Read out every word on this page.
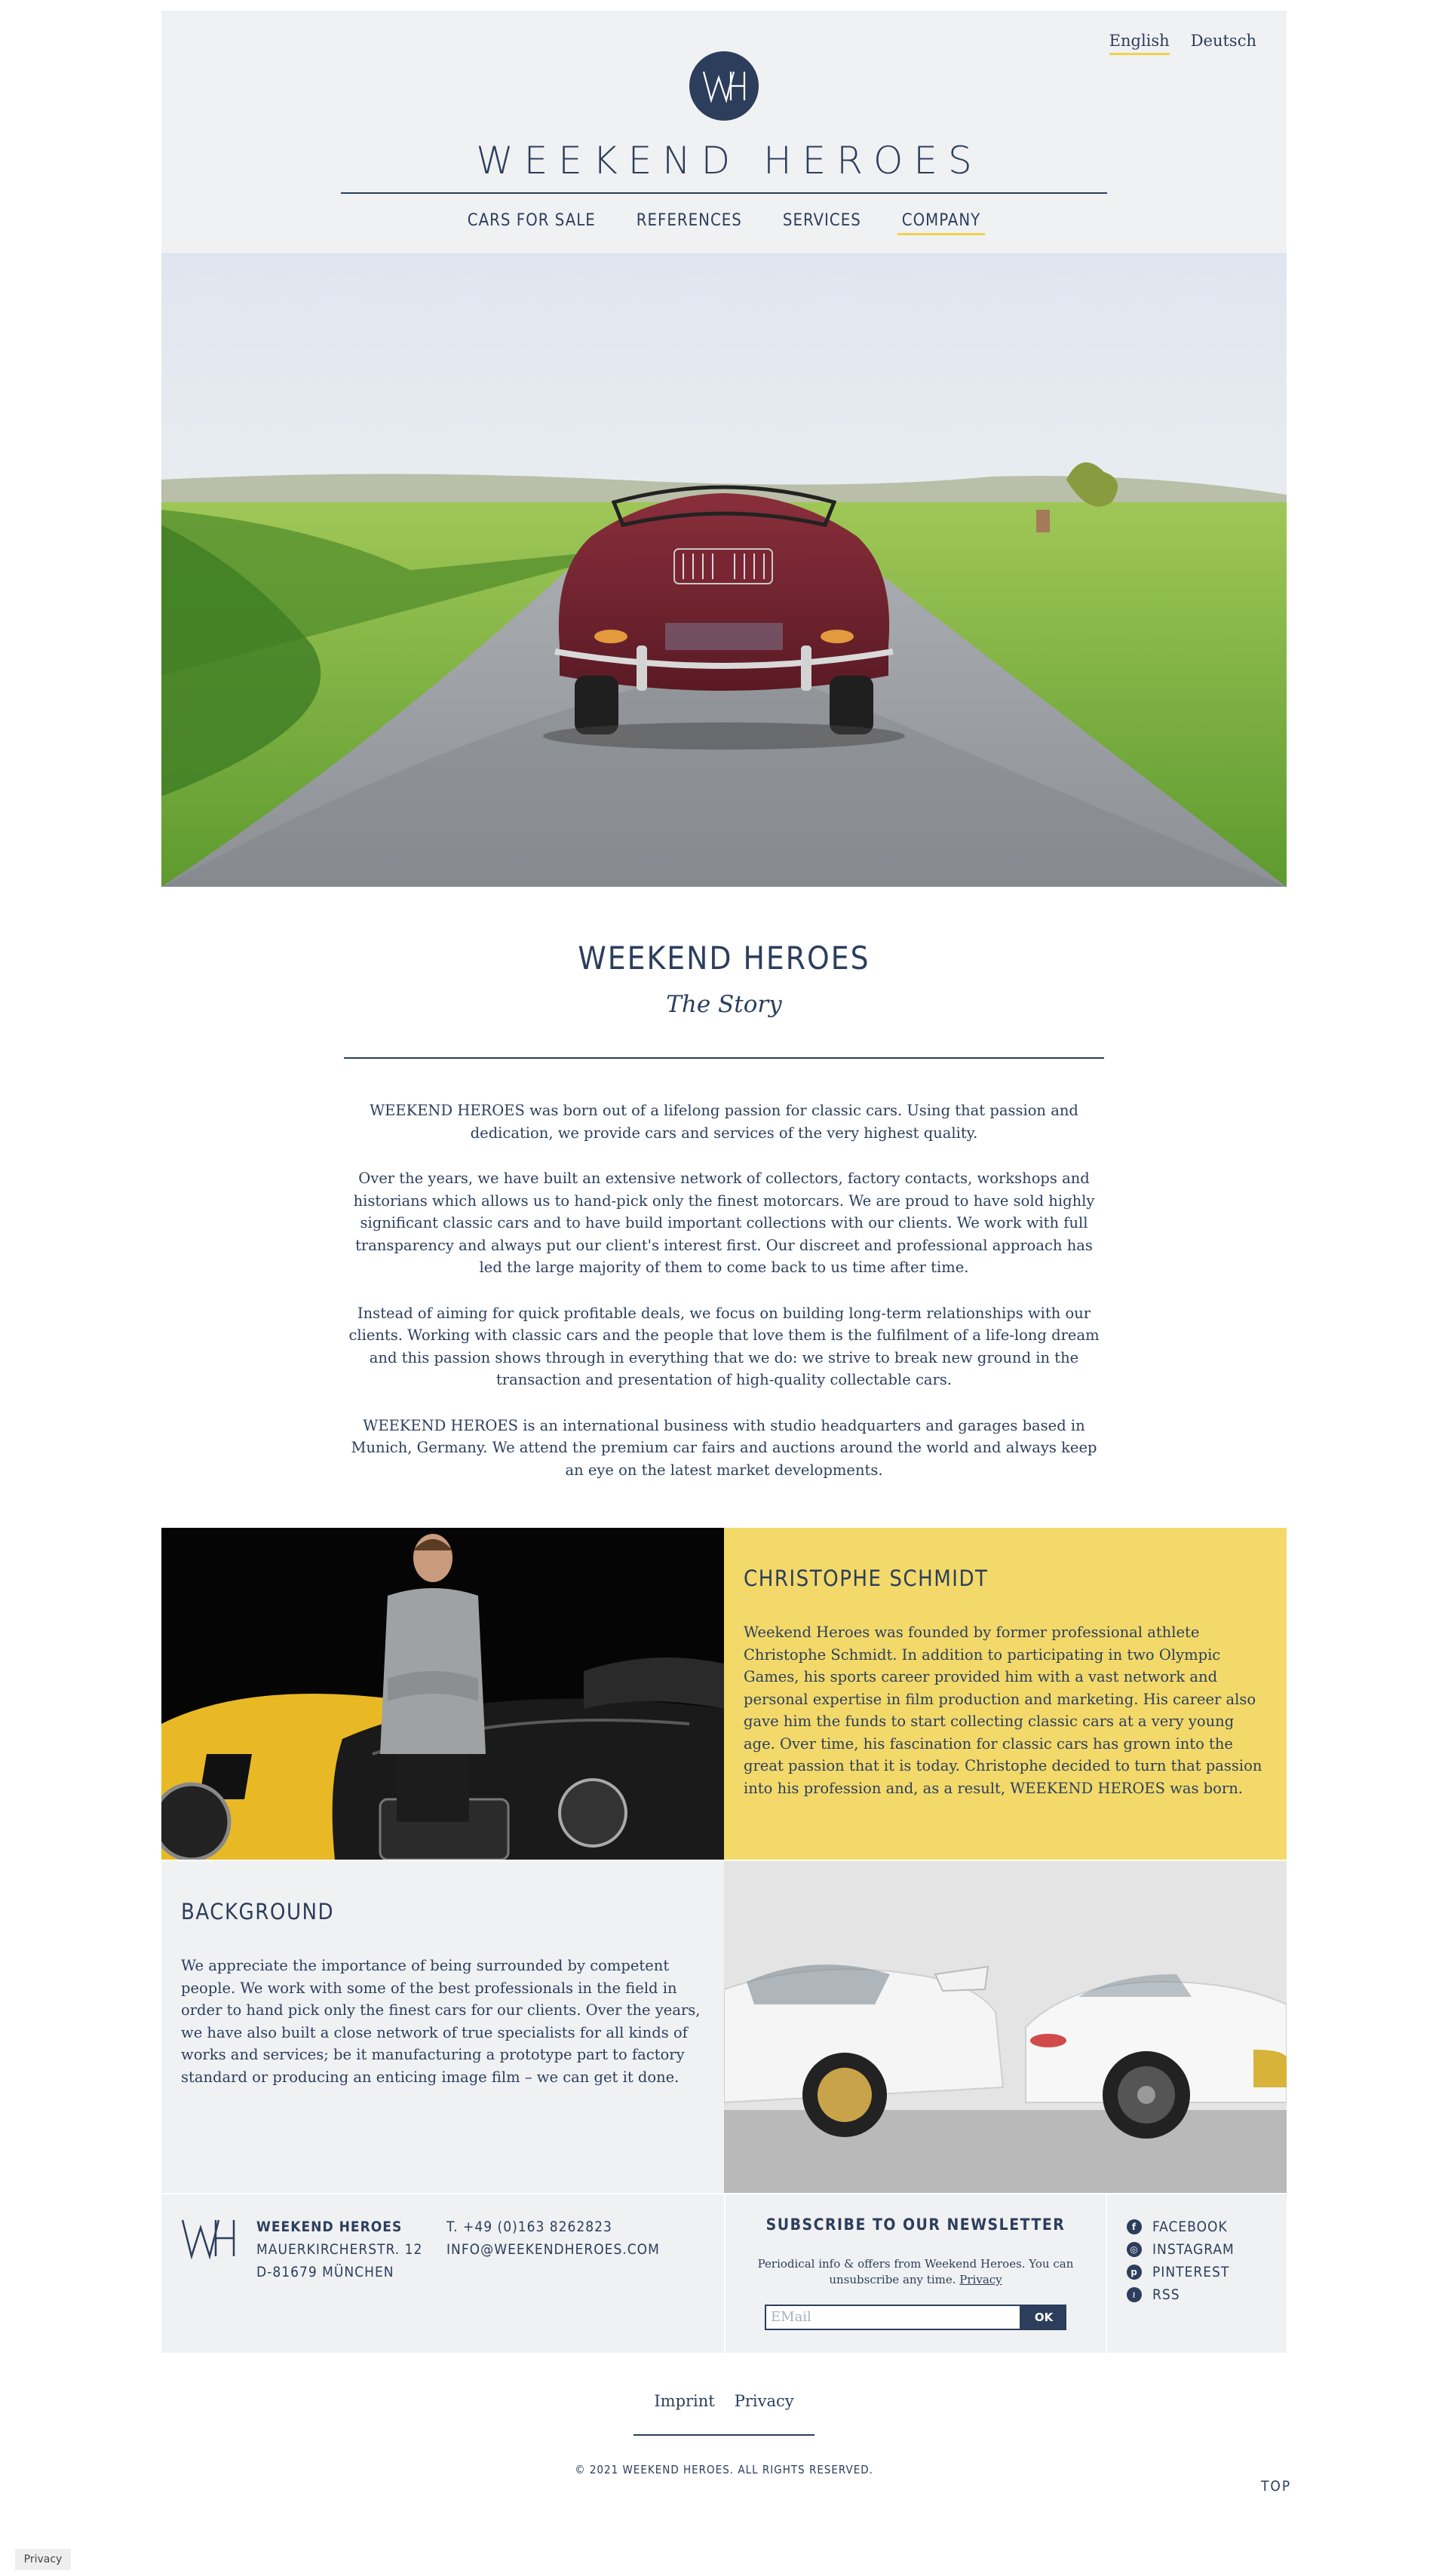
English Deutsch
WEEKEND HEROES
CARS FOR SALE REFERENCES SERVICES COMPANY
WEEKEND HEROES
The Story

WEEKEND HEROES was born out of a lifelong passion for classic cars. Using that passion and dedication, we provide cars and services of the very highest quality.

Over the years, we have built an extensive network of collectors, factory contacts, workshops and historians which allows us to hand-pick only the finest motorcars. We are proud to have sold highly significant classic cars and to have build important collections with our clients. We work with full transparency and always put our client's interest first. Our discreet and professional approach has led the large majority of them to come back to us time after time.

Instead of aiming for quick profitable deals, we focus on building long-term relationships with our clients. Working with classic cars and the people that love them is the fulfilment of a life-long dream and this passion shows through in everything that we do: we strive to break new ground in the transaction and presentation of high-quality collectable cars.

WEEKEND HEROES is an international business with studio headquarters and garages based in Munich, Germany. We attend the premium car fairs and auctions around the world and always keep an eye on the latest market developments.

CHRISTOPHE SCHMIDT
Weekend Heroes was founded by former professional athlete Christophe Schmidt. In addition to participating in two Olympic Games, his sports career provided him with a vast network and personal expertise in film production and marketing. His career also gave him the funds to start collecting classic cars at a very young age. Over time, his fascination for classic cars has grown into the great passion that it is today. Christophe decided to turn that passion into his profession and, as a result, WEEKEND HEROES was born.
BACKGROUND
We appreciate the importance of being surrounded by competent people. We work with some of the best professionals in the field in order to hand pick only the finest cars for our clients. Over the years, we have also built a close network of true specialists for all kinds of works and services; be it manufacturing a prototype part to factory standard or producing an enticing image film – we can get it done.
WEEKEND HEROES
MAUERKIRCHERSTR. 12
D-81679 MÜNCHEN
T. +49 (0)163 8262823
INFO@WEEKENDHEROES.COM
SUBSCRIBE TO OUR NEWSLETTER
Periodical info & offers from Weekend Heroes. You can unsubscribe any time. Privacy
EMail	OK
f	FACEBOOK
◎ INSTAGRAM
p PINTEREST
≀	RSS
Imprint Privacy
© 2021 WEEKEND HEROES. ALL RIGHTS RESERVED.
TOP
Privacy
